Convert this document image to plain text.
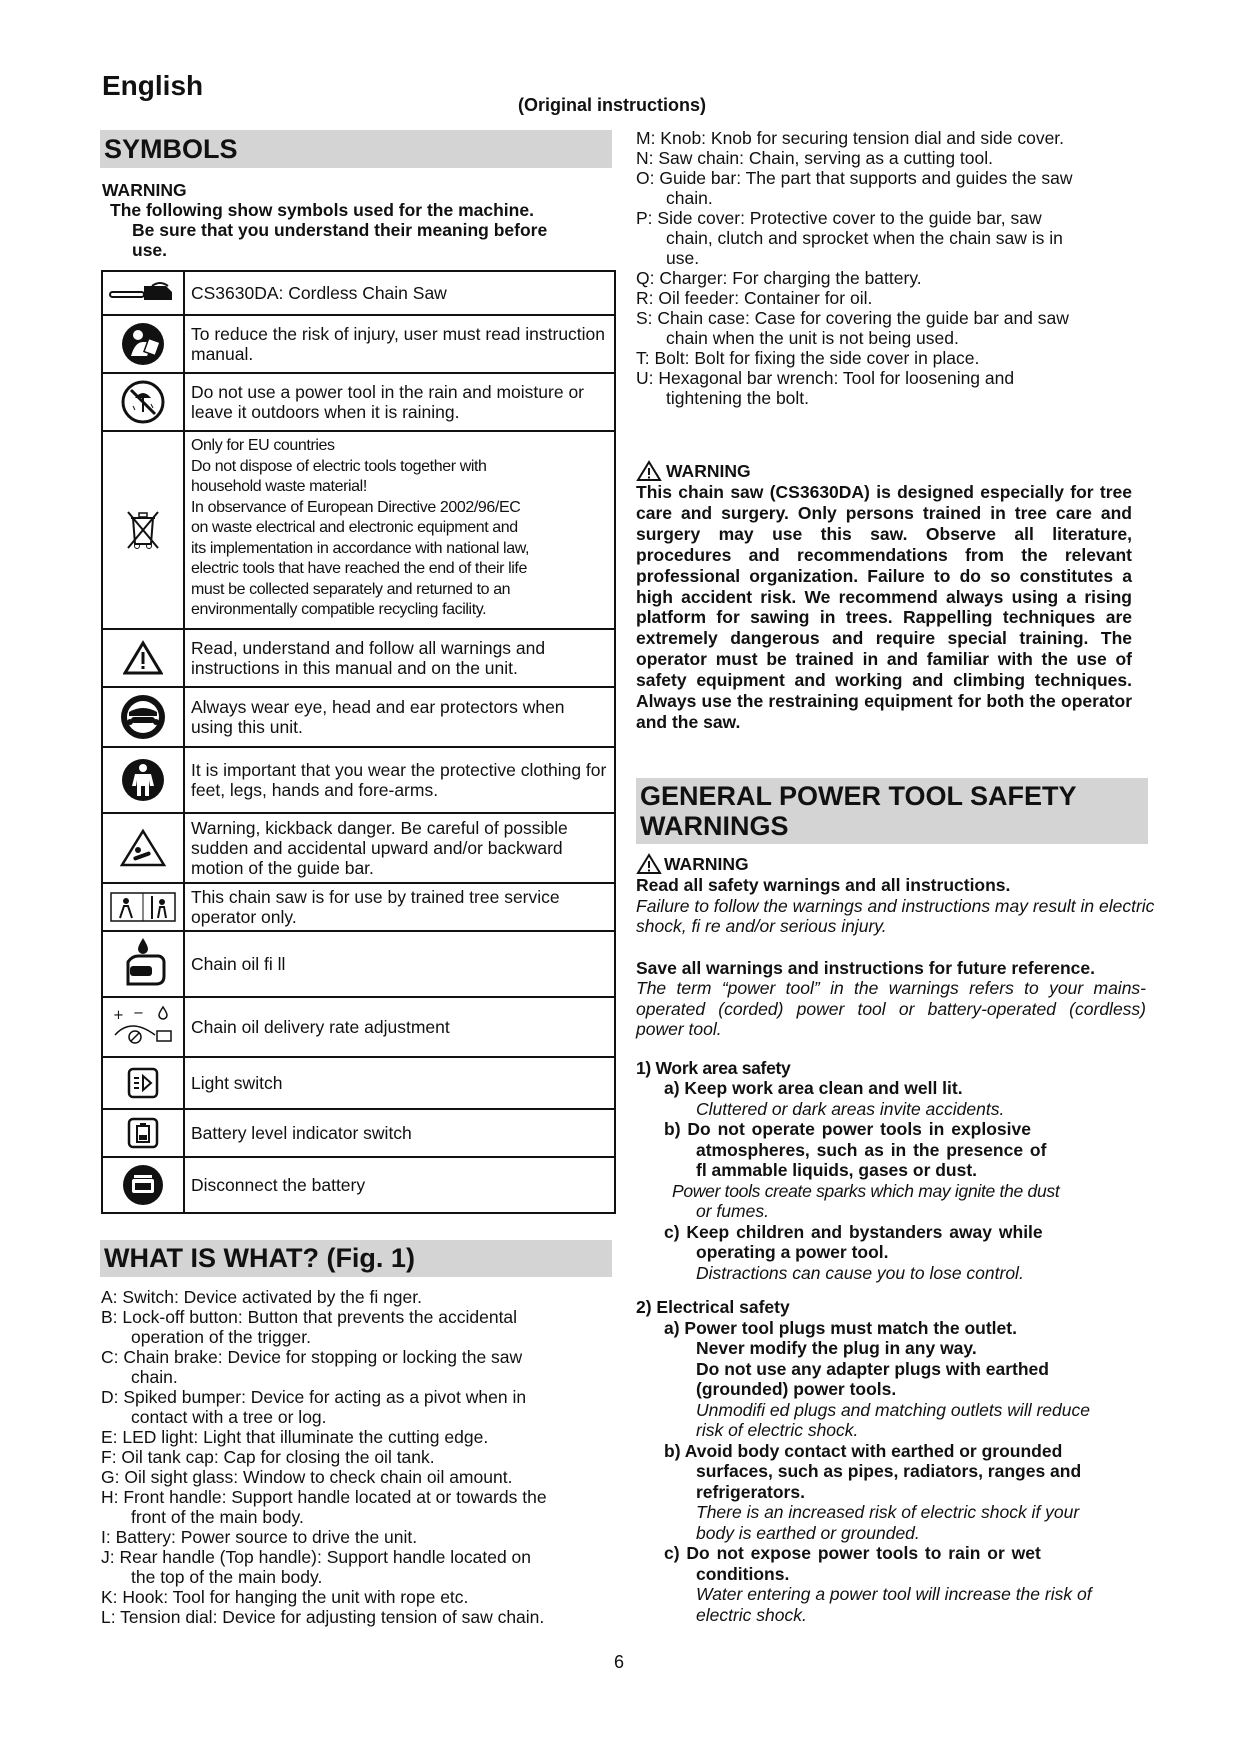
English
(Original instructions)
SYMBOLS
WARNING
The following show symbols used for the machine.
Be sure that you understand their meaning before
use.
CS3630DA: Cordless Chain Saw
To reduce the risk of injury, user must read instruction manual.
Do not use a power tool in the rain and moisture or leave it outdoors when it is raining.
Only for EU countries
Do not dispose of electric tools together with
household waste material!
In observance of European Directive 2002/96/EC
on waste electrical and electronic equipment and
its implementation in accordance with national law,
electric tools that have reached the end of their life
must be collected separately and returned to an
environmentally compatible recycling facility.
Read, understand and follow all warnings and instructions in this manual and on the unit.
Always wear eye, head and ear protectors when using this unit.
It is important that you wear the protective clothing for feet, legs, hands and fore-arms.
Warning, kickback danger. Be careful of possible sudden and accidental upward and/or backward motion of the guide bar.
This chain saw is for use by trained tree service operator only.
Chain oil fi ll
+ −
Chain oil delivery rate adjustment
Light switch
Battery level indicator switch
Disconnect the battery
WHAT IS WHAT? (Fig. 1)
A: Switch: Device activated by the fi nger.
B: Lock-off button: Button that prevents the accidental
operation of the trigger.
C: Chain brake: Device for stopping or locking the saw
chain.
D: Spiked bumper: Device for acting as a pivot when in
contact with a tree or log.
E: LED light: Light that illuminate the cutting edge.
F: Oil tank cap: Cap for closing the oil tank.
G: Oil sight glass: Window to check chain oil amount.
H: Front handle: Support handle located at or towards the
front of the main body.
I: Battery: Power source to drive the unit.
J: Rear handle (Top handle): Support handle located on
the top of the main body.
K: Hook: Tool for hanging the unit with rope etc.
L: Tension dial: Device for adjusting tension of saw chain.
M: Knob: Knob for securing tension dial and side cover.
N: Saw chain: Chain, serving as a cutting tool.
O: Guide bar: The part that supports and guides the saw
chain.
P: Side cover: Protective cover to the guide bar, saw
chain, clutch and sprocket when the chain saw is in
use.
Q: Charger: For charging the battery.
R: Oil feeder: Container for oil.
S: Chain case: Case for covering the guide bar and saw
chain when the unit is not being used.
T: Bolt: Bolt for fixing the side cover in place.
U: Hexagonal bar wrench: Tool for loosening and
tightening the bolt.
WARNING
This chain saw (CS3630DA) is designed especially for tree care and surgery. Only persons trained in tree care and surgery may use this saw. Observe all literature, procedures and recommendations from the relevant professional organization. Failure to do so constitutes a high accident risk. We recommend always using a rising platform for sawing in trees. Rappelling techniques are extremely dangerous and require special training. The operator must be trained in and familiar with the use of safety equipment and working and climbing techniques. Always use the restraining equipment for both the operator and the saw.
GENERAL POWER TOOL SAFETY WARNINGS
WARNING
Read all safety warnings and all instructions.
Failure to follow the warnings and instructions may result in electric shock, fi re and/or serious injury.
Save all warnings and instructions for future reference.
The term “power tool” in the warnings refers to your mains-operated (corded) power tool or battery-operated (cordless) power tool.
1) Work area safety
a) Keep work area clean and well lit.
Cluttered or dark areas invite accidents.
b) Do not operate power tools in explosive
atmospheres, such as in the presence of
fl ammable liquids, gases or dust.
Power tools create sparks which may ignite the dust
or fumes.
c) Keep children and bystanders away while
operating a power tool.
Distractions can cause you to lose control.
2) Electrical safety
a) Power tool plugs must match the outlet.
Never modify the plug in any way.
Do not use any adapter plugs with earthed
(grounded) power tools.
Unmodifi ed plugs and matching outlets will reduce
risk of electric shock.
b) Avoid body contact with earthed or grounded
surfaces, such as pipes, radiators, ranges and
refrigerators.
There is an increased risk of electric shock if your
body is earthed or grounded.
c) Do not expose power tools to rain or wet
conditions.
Water entering a power tool will increase the risk of
electric shock.
6
